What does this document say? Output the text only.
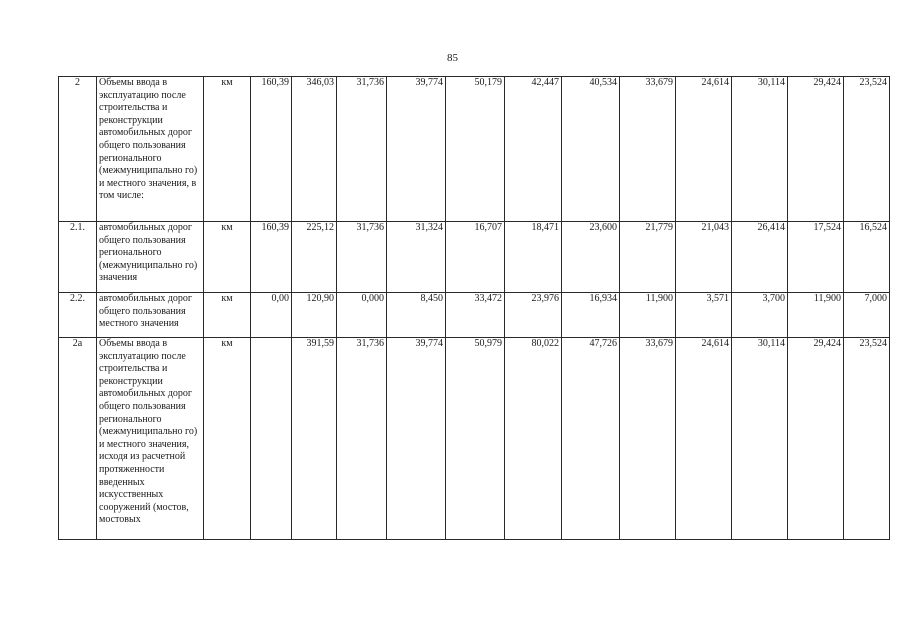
85
2	Объемы ввода в эксплуатацию после строительства и реконструкции автомобильных дорог общего пользования регионального (межмуниципально го) и местного значения, в том числе:	км	160,39	346,03	31,736	39,774	50,179	42,447	40,534	33,679	24,614	30,114	29,424	23,524
2.1.	автомобильных дорог общего пользования регионального (межмуниципально го) значения	км	160,39	225,12	31,736	31,324	16,707	18,471	23,600	21,779	21,043	26,414	17,524	16,524
2.2.	автомобильных дорог общего пользования местного значения	км	0,00	120,90	0,000	8,450	33,472	23,976	16,934	11,900	3,571	3,700	11,900	7,000
2а	Объемы ввода в эксплуатацию после строительства и реконструкции автомобильных дорог общего пользования регионального (межмуниципально го) и местного значения, исходя из расчетной протяженности введенных искусственных сооружений (мостов, мостовых	км		391,59	31,736	39,774	50,979	80,022	47,726	33,679	24,614	30,114	29,424	23,524
